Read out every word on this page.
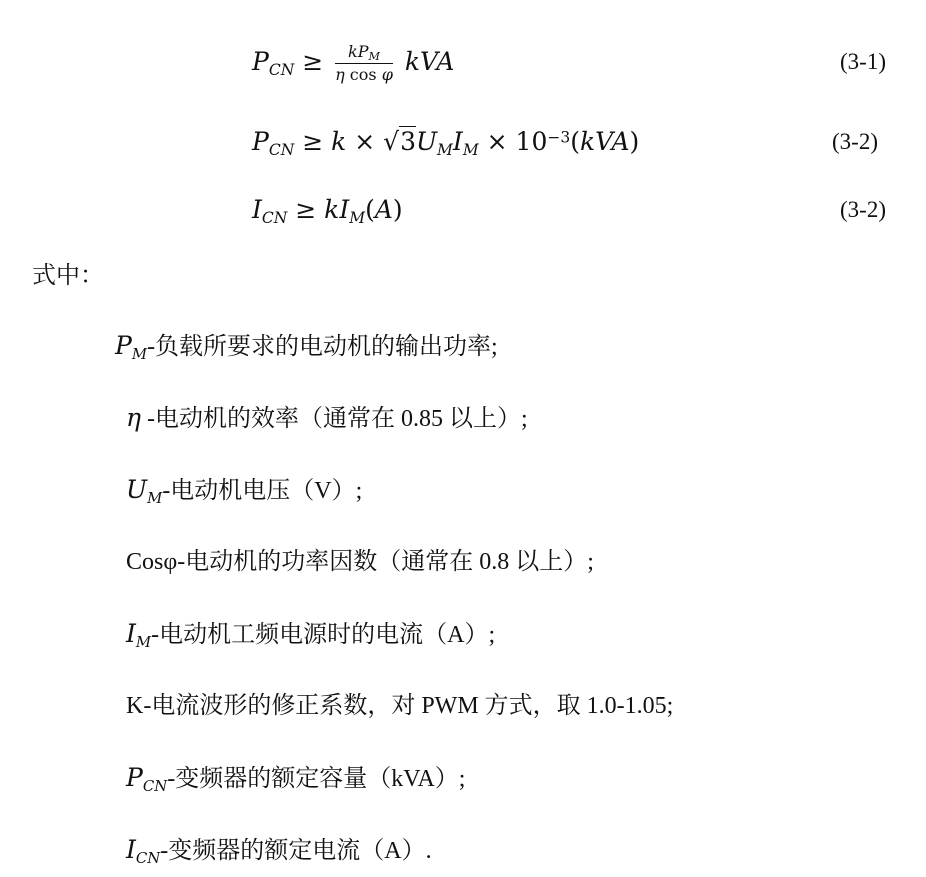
$P_{CN} \ge \frac{kP_M}{\text{η cos φ}}$ kVA	(3-1)
$P_{CN} \ge k \times √3U_MI_M \times 10^{-3}(kVA)$	(3-2)
$I_{CN} \ge kI_M(A)$	(3-2)
式中：
$P_M-$负载所要求的电动机的输出功率;
η -电动机的效率（通常在 0.85 以上）;
$U_M-$电动机电压（V）;
Cosφ-电动机的功率因数（通常在 0.8 以上）;
$I_M-$电动机工频电源时的电流（A）;
K-电流波形的修正系数，对 PWM 方式，取 1.0-1.05;
$P_{CN}-$变频器的额定容量（kVA）;
$I_{CN}-$变频器的额定电流（A）.
